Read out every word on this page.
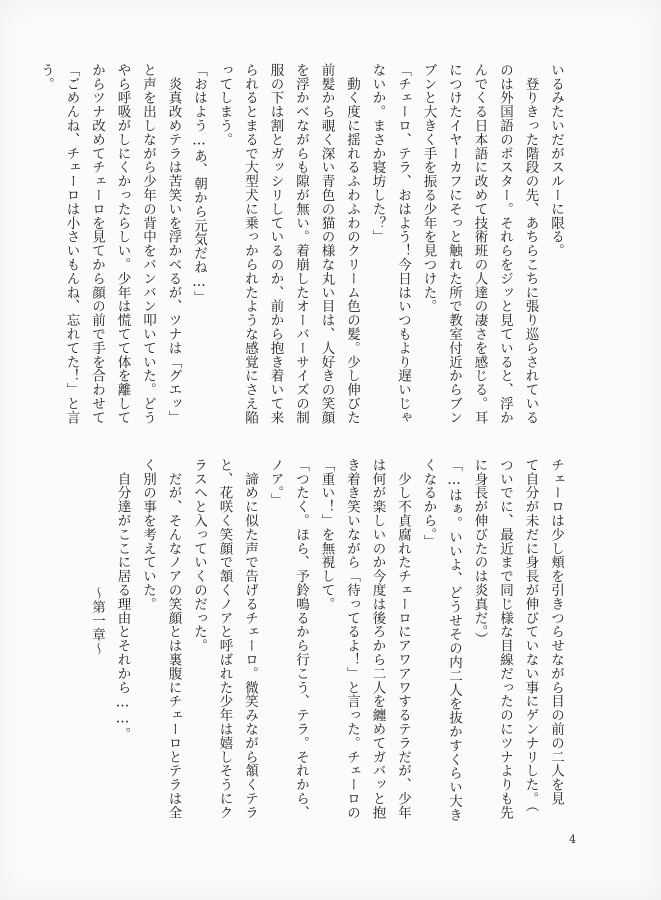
いるみたいだがスルーに限る。
　登りきった階段の先、あちらこちに張り巡らされている
のは外国語のポスター。それらをジッと見ていると、浮か
んでくる日本語に改めて技術班の人達の凄さを感じる。耳
につけたイヤーカフにそっと触れた所で教室付近からブン
ブンと大きく手を振る少年を見つけた。
「チェーロ、テラ、おはよう！今日はいつもより遅いじゃ
ないか。まさか寝坊した？」
　動く度に揺れるふわふわのクリーム色の髪。少し伸びた
前髪から覗く深い青色の猫の様な丸い目は、人好きの笑顔
を浮かべながらも隙が無い。着崩したオーバーサイズの制
服の下は割とガッシリしているのか、前から抱き着いて来
られるとまるで大型犬に乗っかられたような感覚にさえ陥
ってしまう。
「おはよう…あ、朝から元気だね…」
　炎真改めテラは苦笑いを浮かべるが、ツナは「グエッ」
と声を出しながら少年の背中をバンバン叩いていた。どう
やら呼吸がしにくかったらしい。少年は慌てて体を離して
からツナ改めてチェーロを見てから顔の前で手を合わせて
「ごめんね、チェーロは小さいもんね、忘れてた！」と言
う。
チェーロは少し頬を引きつらせながら目の前の二人を見
て自分が未だに身長が伸びていない事にゲンナリした。（
ついでに、最近まで同じ様な目線だったのにツナよりも先
に身長が伸びたのは炎真だ。）
「…はぁ。いいよ、どうせその内二人を抜かすくらい大き
くなるから。」
　少し不貞腐れたチェーロにアワアワするテラだが、少年
は何が楽しいのか今度は後ろから二人を纏めてガバッと抱
き着き笑いながら「待ってるよ！」と言った。チェーロの
「重い！」を無視して。
「つたく。ほら、予鈴鳴るから行こう、テラ。それから、
ノア。」
　諦めに似た声で告げるチェーロ。微笑みながら頷くテラ
と、花咲く笑顔で頷くノアと呼ばれた少年は嬉しそうにク
ラスへと入っていくのだった。
　だが、そんなノアの笑顔とは裏腹にチェーロとテラは全
く別の事を考えていた。
　自分達がここに居る理由とそれから……。
〜第一章〜
4
